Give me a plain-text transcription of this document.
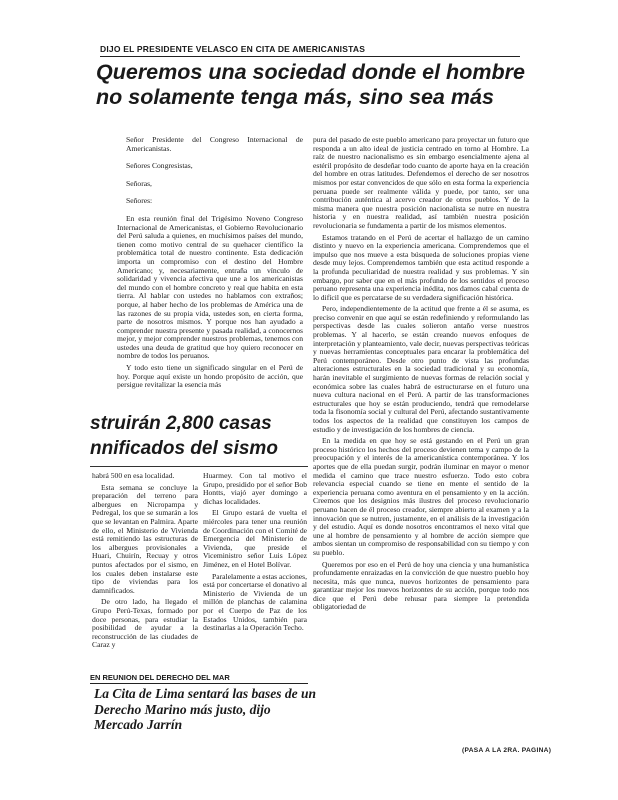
DIJO EL PRESIDENTE VELASCO EN CITA DE AMERICANISTAS
Queremos una sociedad donde el hombre
no solamente tenga más, sino sea más

Señor Presidente del Congreso Internacional de Americanistas.

Señores Congresistas,

Señoras,

Señores:

En esta reunión final del Trigésimo Noveno Congreso Internacional de Americanistas, el Gobierno Revolucionario del Perú saluda a quienes, en muchísimos países del mundo, tienen como motivo central de su quehacer científico la problemática total de nuestro continente. Esta dedicación importa un compromiso con el destino del Hombre Americano; y, necesariamente, entraña un vínculo de solidaridad y vivencia afectiva que une a los americanistas del mundo con el hombre concreto y real que habita en esta tierra. Al hablar con ustedes no hablamos con extraños; porque, al haber hecho de los problemas de América una de las razones de su propia vida, ustedes son, en cierta forma, parte de nosotros mismos. Y porque nos han ayudado a comprender nuestra presente y pasada realidad, a conocernos mejor, y mejor comprender nuestros problemas, tenemos con ustedes una deuda de gratitud que hoy quiero reconocer en nombre de todos los peruanos.

Y todo esto tiene un significado singular en el Perú de hoy. Porque aquí existe un hondo propósito de acción, que persigue revitalizar la esencia más

struirán 2,800 casas
nnificados del sismo

habrá 500 en esa localidad.

Esta semana se concluye la preparación del terreno para albergues en Nicropampa y Pedregal, los que se sumarán a los que se levantan en Palmira. Aparte de ello, el Ministerio de Vivienda está remitiendo las estructuras de los albergues provisionales a Huari, Chuirín, Recuay y otros puntos afectados por el sismo, en los cuales deben instalarse este tipo de viviendas para los damnificados.

De otro lado, ha llegado el Grupo Perú-Texas, formado por doce personas, para estudiar la posibilidad de ayudar a la reconstrucción de las ciudades de Caraz y

Huarmey. Con tal motivo el Grupo, presidido por el señor Bob Hontts, viajó ayer domingo a dichas localidades.

El Grupo estará de vuelta el miércoles para tener una reunión de Coordinación con el Comité de Emergencia del Ministerio de Vivienda, que preside el Viceministro señor Luis López Jiménez, en el Hotel Bolívar.

Paralelamente a estas acciones, está por concertarse el donativo al Ministerio de Vivienda de un millón de planchas de calamina por el Cuerpo de Paz de los Estados Unidos, también para destinarlas a la Operación Techo.

EN REUNION DEL DERECHO DEL MAR
La Cita de Lima sentará las bases de un Derecho Marino más justo, dijo Mercado Jarrín

pura del pasado de este pueblo americano para proyectar un futuro que responda a un alto ideal de justicia centrado en torno al Hombre. La raíz de nuestro nacionalismo es sin embargo esencialmente ajena al estéril propósito de desdeñar todo cuanto de aporte haya en la creación del hombre en otras latitudes. Defendemos el derecho de ser nosotros mismos por estar convencidos de que sólo en esta forma la experiencia peruana puede ser realmente válida y puede, por tanto, ser una contribución auténtica al acervo creador de otros pueblos. Y de la misma manera que nuestra posición nacionalista se nutre en nuestra historia y en nuestra realidad, así también nuestra posición revolucionaria se fundamenta a partir de los mismos elementos.

Estamos tratando en el Perú de acertar el hallazgo de un camino distinto y nuevo en la experiencia americana. Comprendemos que el impulso que nos mueve a esta búsqueda de soluciones propias viene desde muy lejos. Comprendemos también que esta actitud responde a la profunda peculiaridad de nuestra realidad y sus problemas. Y sin embargo, por saber que en el más profundo de los sentidos el proceso peruano representa una experiencia inédita, nos damos cabal cuenta de lo difícil que es percatarse de su verdadera significación histórica.

Pero, independientemente de la actitud que frente a él se asuma, es preciso convenir en que aquí se están redefiniendo y reformulando las perspectivas desde las cuales solieron antaño verse nuestros problemas. Y al hacerlo, se están creando nuevos enfoques de interpretación y planteamiento, vale decir, nuevas perspectivas teóricas y nuevas herramientas conceptuales para encarar la problemática del Perú contemporáneo. Desde otro punto de vista las profundas alteraciones estructurales en la sociedad tradicional y su economía, harán inevitable el surgimiento de nuevas formas de relación social y económica sobre las cuales habrá de estructurarse en el futuro una nueva cultura nacional en el Perú. A partir de las transformaciones estructurales que hoy se están produciendo, tendrá que remodelarse toda la fisonomía social y cultural del Perú, afectando sustantivamente todos los aspectos de la realidad que constituyen los campos de estudio y de investigación de los hombres de ciencia.

En la medida en que hoy se está gestando en el Perú un gran proceso histórico los hechos del proceso devienen tema y campo de la preocupación y el interés de la americanística contemporánea. Y los aportes que de ella puedan surgir, podrán iluminar en mayor o menor medida el camino que trace nuestro esfuerzo. Todo esto cobra relevancia especial cuando se tiene en mente el sentido de la experiencia peruana como aventura en el pensamiento y en la acción. Creemos que los designios más ilustres del proceso revolucionario peruano hacen de él proceso creador, siempre abierto al examen y a la innovación que se nutren, justamente, en el análisis de la investigación y del estudio. Aquí es donde nosotros encontramos el nexo vital que une al hombre de pensamiento y al hombre de acción siempre que ambos sientan un compromiso de responsabilidad con su tiempo y con su pueblo.

Queremos por eso en el Perú de hoy una ciencia y una humanística profundamente enraizadas en la convicción de que nuestro pueblo hoy necesita, más que nunca, nuevos horizontes de pensamiento para garantizar mejor los nuevos horizontes de su acción, porque todo nos dice que el Perú debe rehusar para siempre la pretendida obligatoriedad de

(PASA A LA 2RA. PAGINA)
